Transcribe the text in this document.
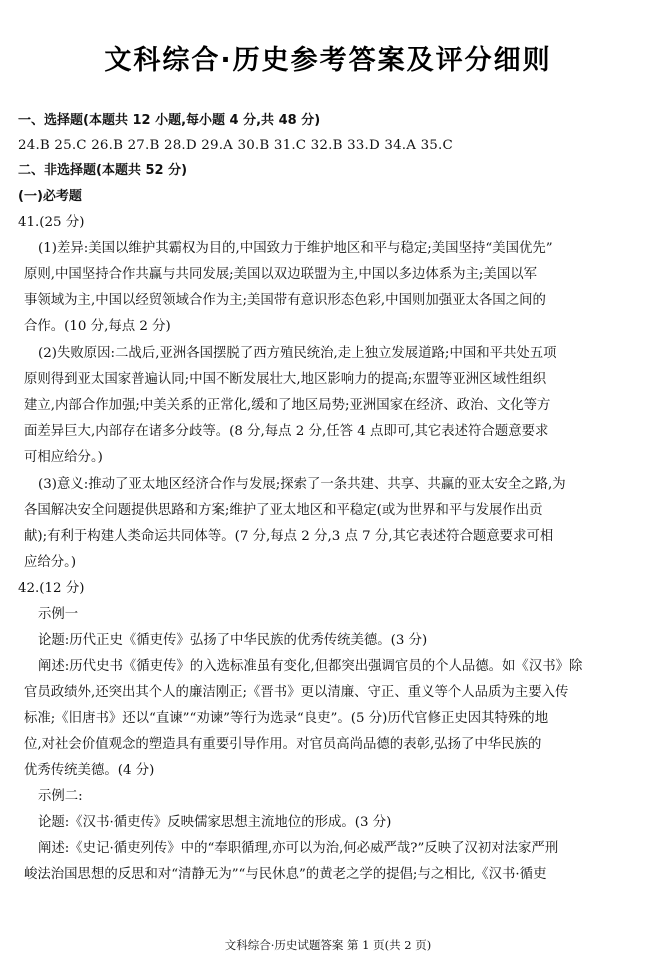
文科综合·历史参考答案及评分细则
一、选择题(本题共 12 小题,每小题 4 分,共 48 分)
24.B 25.C 26.B 27.B 28.D 29.A 30.B 31.C 32.B 33.D 34.A 35.C
二、非选择题(本题共 52 分)
(一)必考题
41.(25 分)
(1)差异:美国以维护其霸权为目的,中国致力于维护地区和平与稳定;美国坚持“美国优先”
原则,中国坚持合作共赢与共同发展;美国以双边联盟为主,中国以多边体系为主;美国以军
事领域为主,中国以经贸领域合作为主;美国带有意识形态色彩,中国则加强亚太各国之间的
合作。(10 分,每点 2 分)
(2)失败原因:二战后,亚洲各国摆脱了西方殖民统治,走上独立发展道路;中国和平共处五项
原则得到亚太国家普遍认同;中国不断发展壮大,地区影响力的提高;东盟等亚洲区域性组织
建立,内部合作加强;中美关系的正常化,缓和了地区局势;亚洲国家在经济、政治、文化等方
面差异巨大,内部存在诸多分歧等。(8 分,每点 2 分,任答 4 点即可,其它表述符合题意要求
可相应给分。)
(3)意义:推动了亚太地区经济合作与发展;探索了一条共建、共享、共赢的亚太安全之路,为
各国解决安全问题提供思路和方案;维护了亚太地区和平稳定(或为世界和平与发展作出贡
献);有利于构建人类命运共同体等。(7 分,每点 2 分,3 点 7 分,其它表述符合题意要求可相
应给分。)
42.(12 分)
示例一
论题:历代正史《循吏传》弘扬了中华民族的优秀传统美德。(3 分)
阐述:历代史书《循吏传》的入选标准虽有变化,但都突出强调官员的个人品德。如《汉书》除
官员政绩外,还突出其个人的廉洁刚正;《晋书》更以清廉、守正、重义等个人品质为主要入传
标准;《旧唐书》还以“直谏”“劝谏”等行为选录“良吏”。(5 分)历代官修正史因其特殊的地
位,对社会价值观念的塑造具有重要引导作用。对官员高尚品德的表彰,弘扬了中华民族的
优秀传统美德。(4 分)
示例二:
论题:《汉书·循吏传》反映儒家思想主流地位的形成。(3 分)
阐述:《史记·循吏列传》中的“奉职循理,亦可以为治,何必威严哉?”反映了汉初对法家严刑
峻法治国思想的反思和对“清静无为”“与民休息”的黄老之学的提倡;与之相比,《汉书·循吏
文科综合·历史试题答案 第 1 页(共 2 页)
